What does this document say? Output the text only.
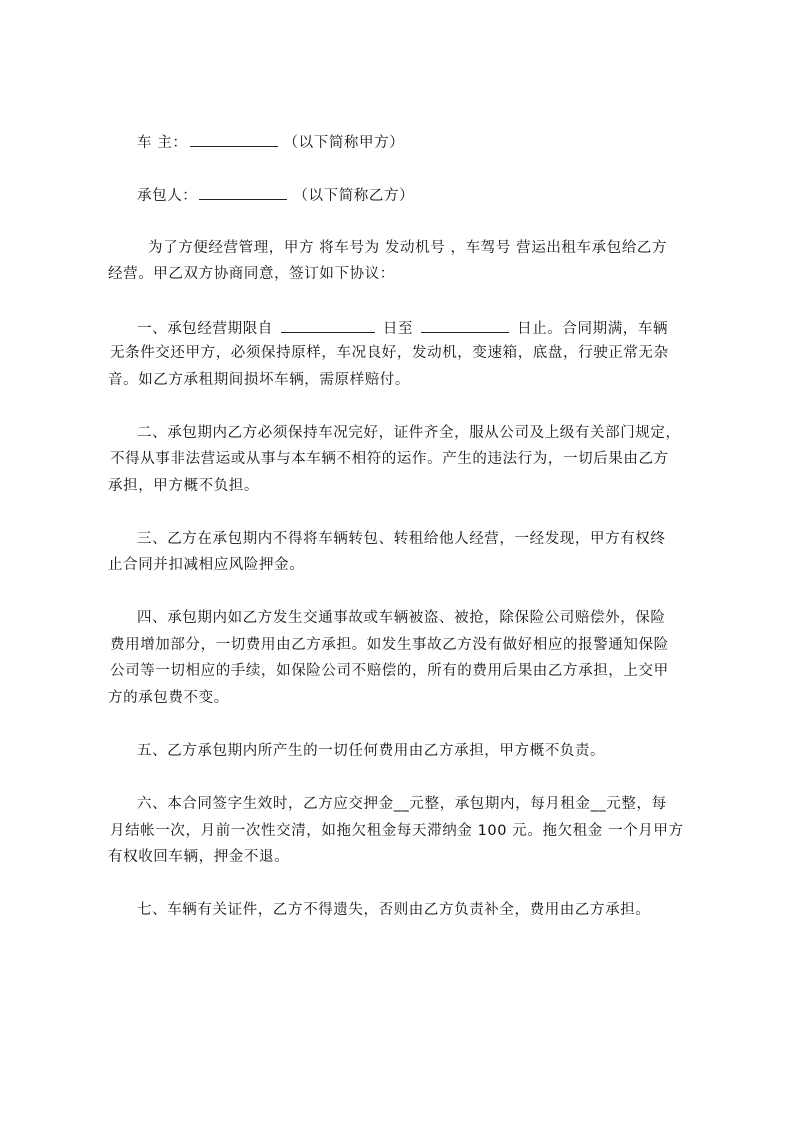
车 主：	（以下简称甲方）
承包人：	（以下简称乙方）
为了方便经营管理，甲方 将车号为 发动机号 ，车驾号 营运出租车承包给乙方
经营。甲乙双方协商同意，签订如下协议：
一、承包经营期限自	日至	日止。合同期满，车辆
无条件交还甲方，必须保持原样，车况良好，发动机，变速箱，底盘，行驶正常无杂
音。如乙方承租期间损坏车辆，需原样赔付。
二、承包期内乙方必须保持车况完好，证件齐全，服从公司及上级有关部门规定，
不得从事非法营运或从事与本车辆不相符的运作。产生的违法行为，一切后果由乙方
承担，甲方概不负担。
三、乙方在承包期内不得将车辆转包、转租给他人经营，一经发现，甲方有权终
止合同并扣减相应风险押金。
四、承包期内如乙方发生交通事故或车辆被盗、被抢，除保险公司赔偿外，保险
费用增加部分，一切费用由乙方承担。如发生事故乙方没有做好相应的报警通知保险
公司等一切相应的手续，如保险公司不赔偿的，所有的费用后果由乙方承担，上交甲
方的承包费不变。
五、乙方承包期内所产生的一切任何费用由乙方承担，甲方概不负责。
六、本合同签字生效时，乙方应交押金__元整，承包期内，每月租金__元整，每
月结帐一次，月前一次性交清，如拖欠租金每天滞纳金 100 元。拖欠租金 一个月甲方
有权收回车辆，押金不退。
七、车辆有关证件，乙方不得遗失，否则由乙方负责补全，费用由乙方承担。
